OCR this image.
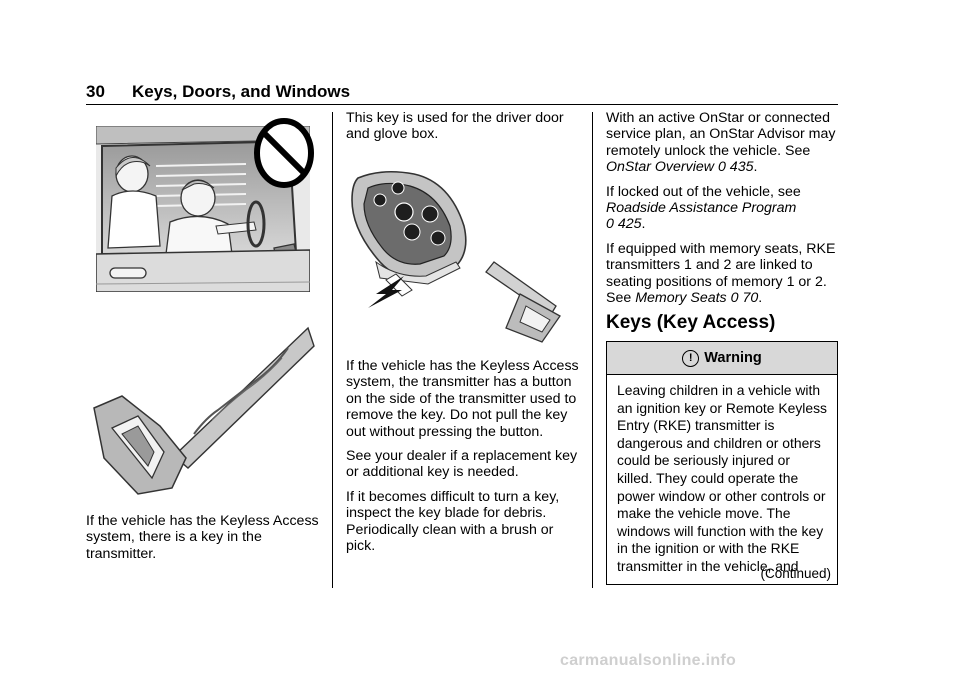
30 Keys, Doors, and Windows

If the vehicle has the Keyless Access system, there is a key in the transmitter.

This key is used for the driver door and glove box.

If the vehicle has the Keyless Access system, the transmitter has a button on the side of the transmitter used to remove the key. Do not pull the key out without pressing the button.

See your dealer if a replacement key or additional key is needed.

If it becomes difficult to turn a key, inspect the key blade for debris. Periodically clean with a brush or pick.

With an active OnStar or connected service plan, an OnStar Advisor may remotely unlock the vehicle. See OnStar Overview 0 435.

If locked out of the vehicle, see Roadside Assistance Program
0 425.

If equipped with memory seats, RKE transmitters 1 and 2 are linked to seating positions of memory 1 or 2. See Memory Seats 0 70.

Keys (Key Access)
! Warning
Leaving children in a vehicle with an ignition key or Remote Keyless Entry (RKE) transmitter is dangerous and children or others could be seriously injured or killed. They could operate the power window or other controls or make the vehicle move. The windows will function with the key in the ignition or with the RKE transmitter in the vehicle, and
(Continued)
carmanualsonline.info
